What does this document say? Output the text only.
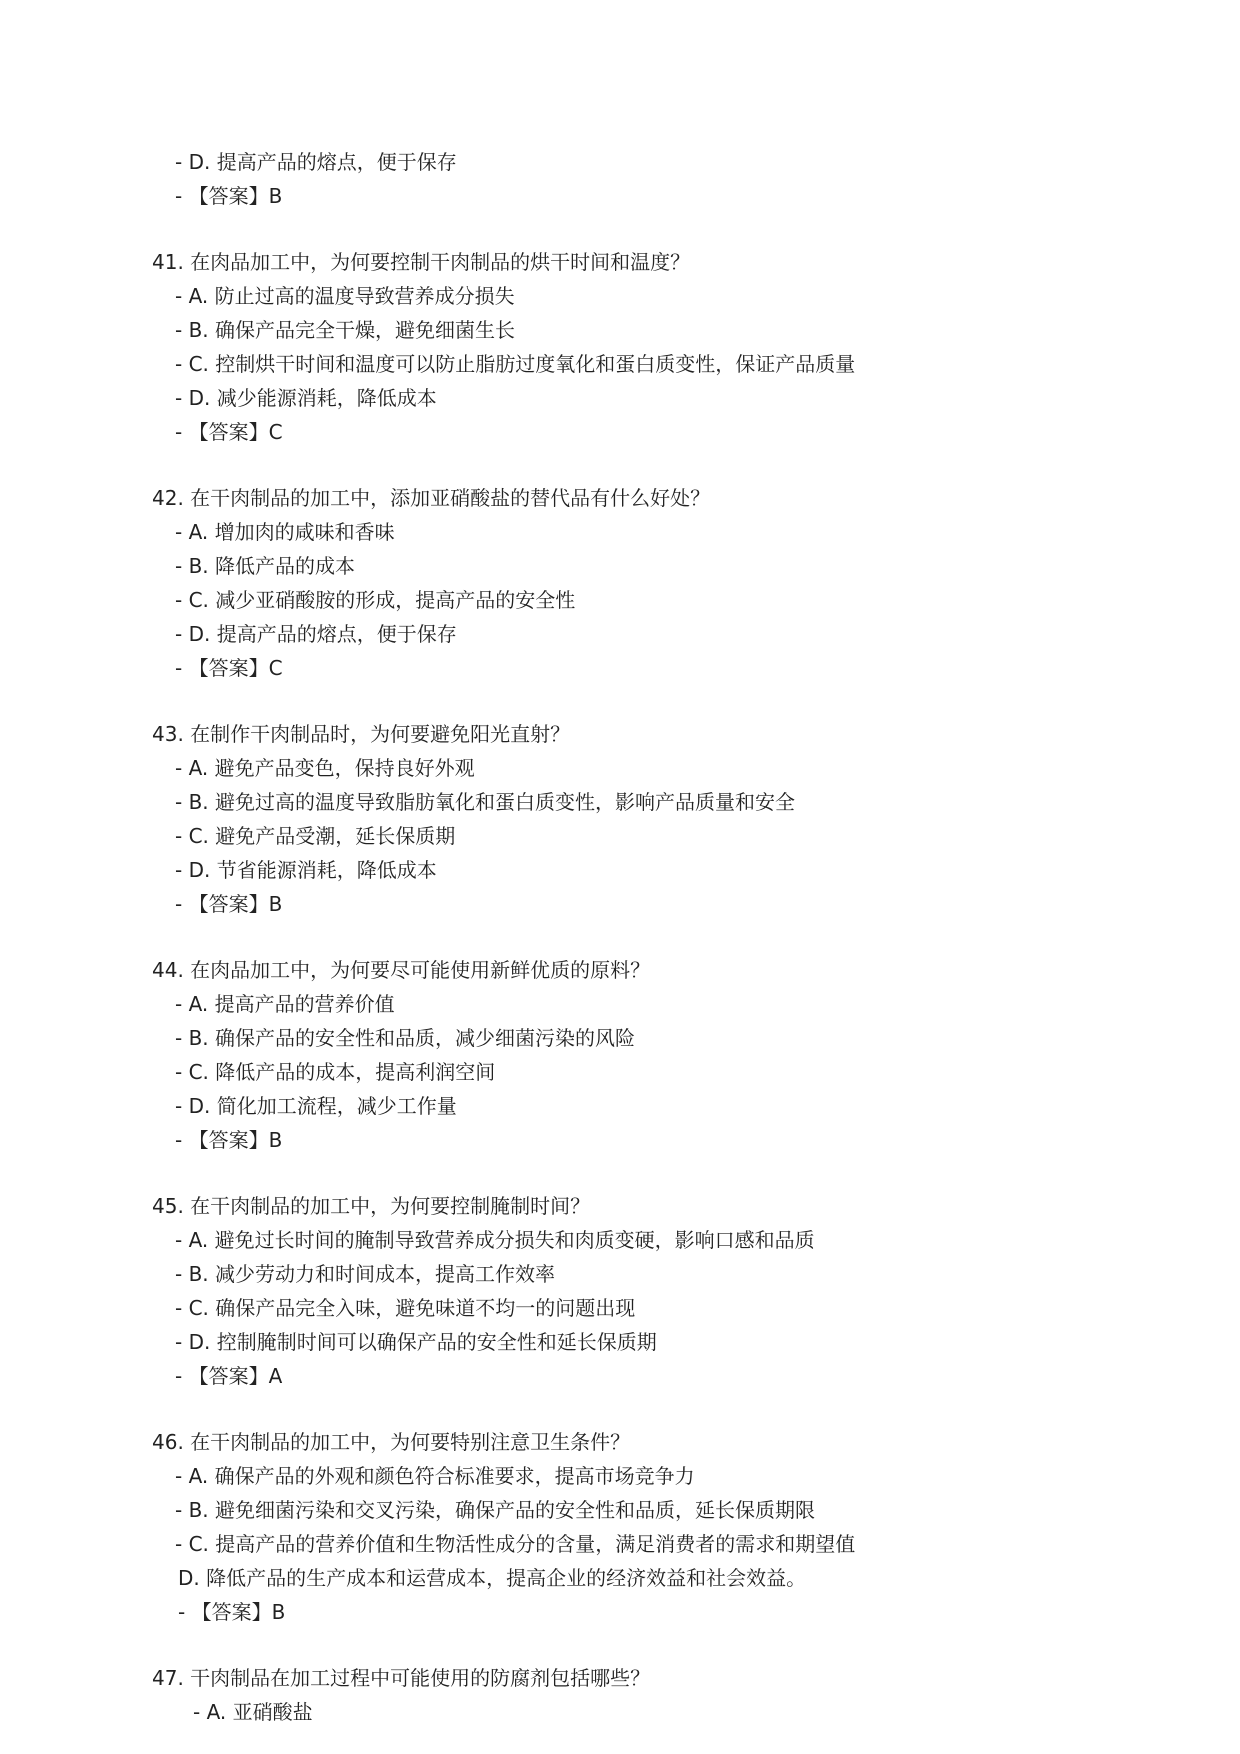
- D. 提高产品的熔点，便于保存
- 【答案】B
41. 在肉品加工中，为何要控制干肉制品的烘干时间和温度？
- A. 防止过高的温度导致营养成分损失
- B. 确保产品完全干燥，避免细菌生长
- C. 控制烘干时间和温度可以防止脂肪过度氧化和蛋白质变性，保证产品质量
- D. 减少能源消耗，降低成本
- 【答案】C
42. 在干肉制品的加工中，添加亚硝酸盐的替代品有什么好处？
- A. 增加肉的咸味和香味
- B. 降低产品的成本
- C. 减少亚硝酸胺的形成，提高产品的安全性
- D. 提高产品的熔点，便于保存
- 【答案】C
43. 在制作干肉制品时，为何要避免阳光直射？
- A. 避免产品变色，保持良好外观
- B. 避免过高的温度导致脂肪氧化和蛋白质变性，影响产品质量和安全
- C. 避免产品受潮，延长保质期
- D. 节省能源消耗，降低成本
- 【答案】B
44. 在肉品加工中，为何要尽可能使用新鲜优质的原料？
- A. 提高产品的营养价值
- B. 确保产品的安全性和品质，减少细菌污染的风险
- C. 降低产品的成本，提高利润空间
- D. 简化加工流程，减少工作量
- 【答案】B
45. 在干肉制品的加工中，为何要控制腌制时间？
- A. 避免过长时间的腌制导致营养成分损失和肉质变硬，影响口感和品质
- B. 减少劳动力和时间成本，提高工作效率
- C. 确保产品完全入味，避免味道不均一的问题出现
- D. 控制腌制时间可以确保产品的安全性和延长保质期
- 【答案】A
46. 在干肉制品的加工中，为何要特别注意卫生条件？
- A. 确保产品的外观和颜色符合标准要求，提高市场竞争力
- B. 避免细菌污染和交叉污染，确保产品的安全性和品质，延长保质期限
- C. 提高产品的营养价值和生物活性成分的含量，满足消费者的需求和期望值
D. 降低产品的生产成本和运营成本，提高企业的经济效益和社会效益。
- 【答案】B
47. 干肉制品在加工过程中可能使用的防腐剂包括哪些？
- A. 亚硝酸盐
